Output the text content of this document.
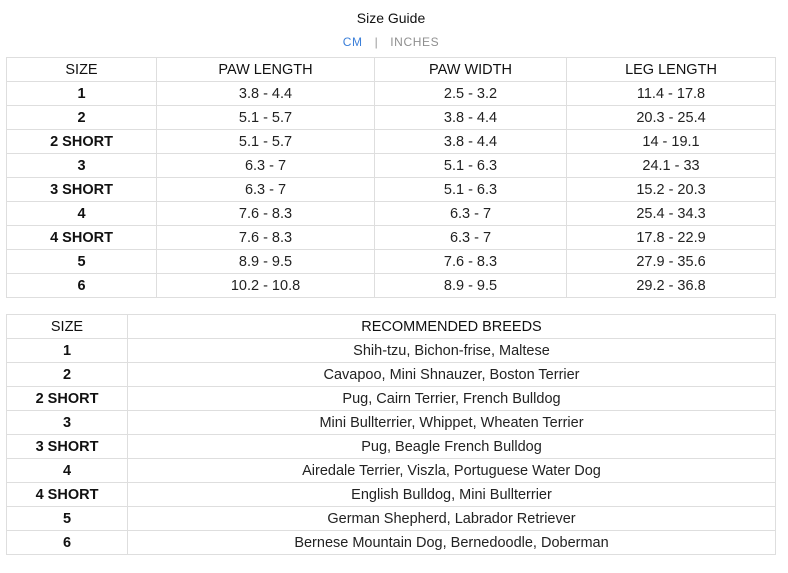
Size Guide
CM | INCHES
SIZE	PAW LENGTH	PAW WIDTH	LEG LENGTH
1	3.8 - 4.4	2.5 - 3.2	11.4 - 17.8
2	5.1 - 5.7	3.8 - 4.4	20.3 - 25.4
2 SHORT	5.1 - 5.7	3.8 - 4.4	14 - 19.1
3	6.3 - 7	5.1 - 6.3	24.1 - 33
3 SHORT	6.3 - 7	5.1 - 6.3	15.2 - 20.3
4	7.6 - 8.3	6.3 - 7	25.4 - 34.3
4 SHORT	7.6 - 8.3	6.3 - 7	17.8 - 22.9
5	8.9 - 9.5	7.6 - 8.3	27.9 - 35.6
6	10.2 - 10.8	8.9 - 9.5	29.2 - 36.8
SIZE	RECOMMENDED BREEDS
1	Shih-tzu, Bichon-frise, Maltese
2	Cavapoo, Mini Shnauzer, Boston Terrier
2 SHORT	Pug, Cairn Terrier, French Bulldog
3	Mini Bullterrier, Whippet, Wheaten Terrier
3 SHORT	Pug, Beagle French Bulldog
4	Airedale Terrier, Viszla, Portuguese Water Dog
4 SHORT	English Bulldog, Mini Bullterrier
5	German Shepherd, Labrador Retriever
6	Bernese Mountain Dog, Bernedoodle, Doberman
